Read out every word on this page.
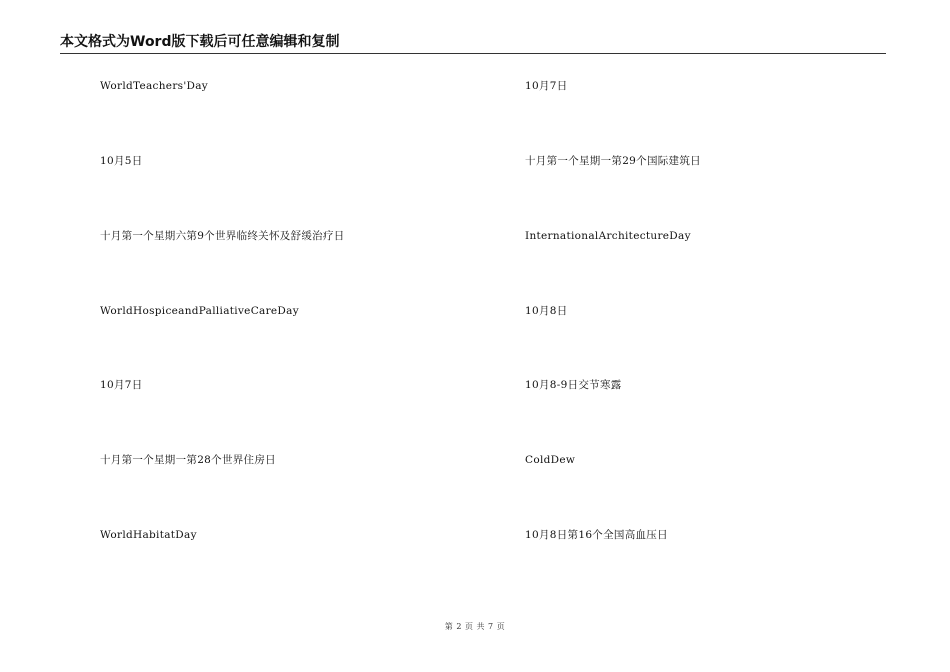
本文格式为Word版下载后可任意编辑和复制
WorldTeachers'Day
10月5日
十月第一个星期六第9个世界临终关怀及舒缓治疗日
WorldHospiceandPalliativeCareDay
10月7日
十月第一个星期一第28个世界住房日
WorldHabitatDay
10月7日
十月第一个星期一第29个国际建筑日
InternationalArchitectureDay
10月8日
10月8-9日交节寒露
ColdDew
10月8日第16个全国高血压日
第 2 页 共 7 页
